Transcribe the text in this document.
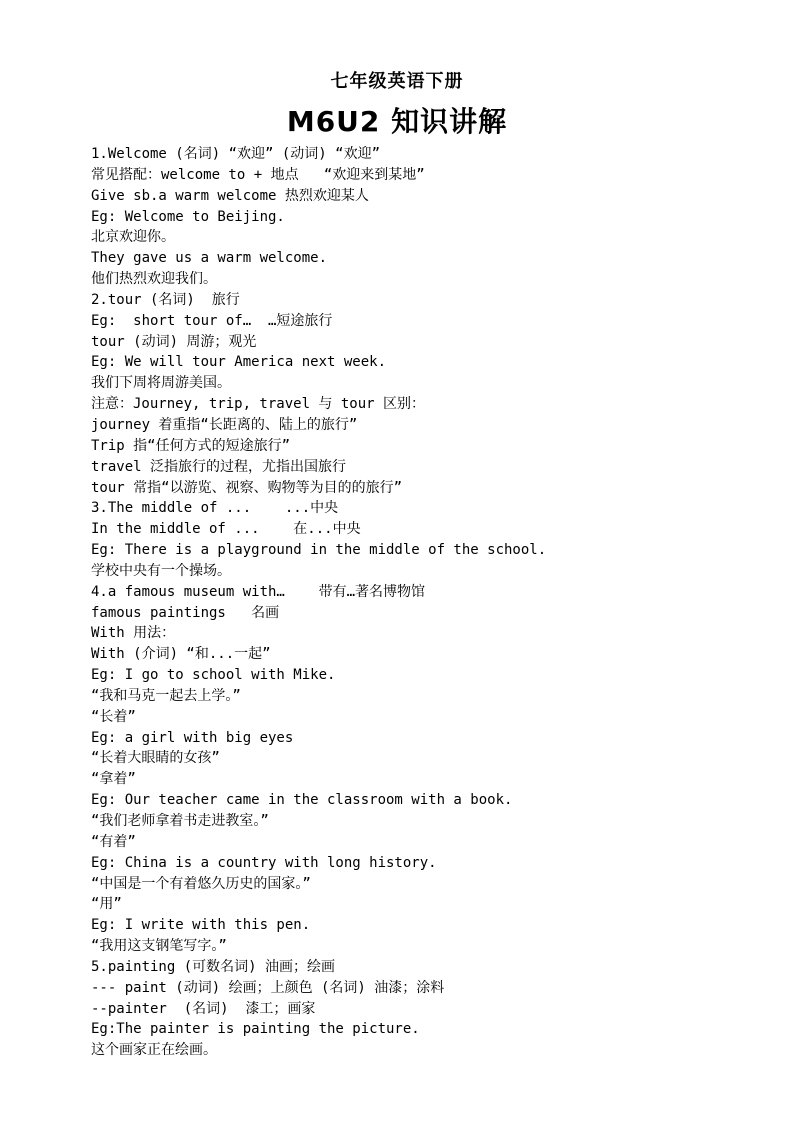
七年级英语下册
M6U2 知识讲解
1.Welcome (名词) “欢迎” (动词) “欢迎”
常见搭配：welcome to + 地点   “欢迎来到某地”
Give sb.a warm welcome 热烈欢迎某人
Eg: Welcome to Beijing.
北京欢迎你。
They gave us a warm welcome.
他们热烈欢迎我们。
2.tour (名词)  旅行
Eg:  short tour of…  …短途旅行
tour (动词) 周游；观光
Eg: We will tour America next week.
我们下周将周游美国。
注意：Journey, trip, travel 与 tour 区别：
journey 着重指“长距离的、陆上的旅行”
Trip 指“任何方式的短途旅行”
travel 泛指旅行的过程，尤指出国旅行
tour 常指“以游览、视察、购物等为目的的旅行”
3.The middle of ...    ...中央
In the middle of ...    在...中央
Eg: There is a playground in the middle of the school.
学校中央有一个操场。
4.a famous museum with…    带有…著名博物馆
famous paintings   名画
With 用法：
With (介词) “和...一起”
Eg: I go to school with Mike.
“我和马克一起去上学。”
“长着”
Eg: a girl with big eyes
“长着大眼睛的女孩”
“拿着”
Eg: Our teacher came in the classroom with a book.
“我们老师拿着书走进教室。”
“有着”
Eg: China is a country with long history.
“中国是一个有着悠久历史的国家。”
“用”
Eg: I write with this pen.
“我用这支钢笔写字。”
5.painting (可数名词) 油画；绘画
--- paint (动词) 绘画；上颜色 (名词) 油漆；涂料
--painter  (名词)  漆工；画家
Eg:The painter is painting the picture.
这个画家正在绘画。
